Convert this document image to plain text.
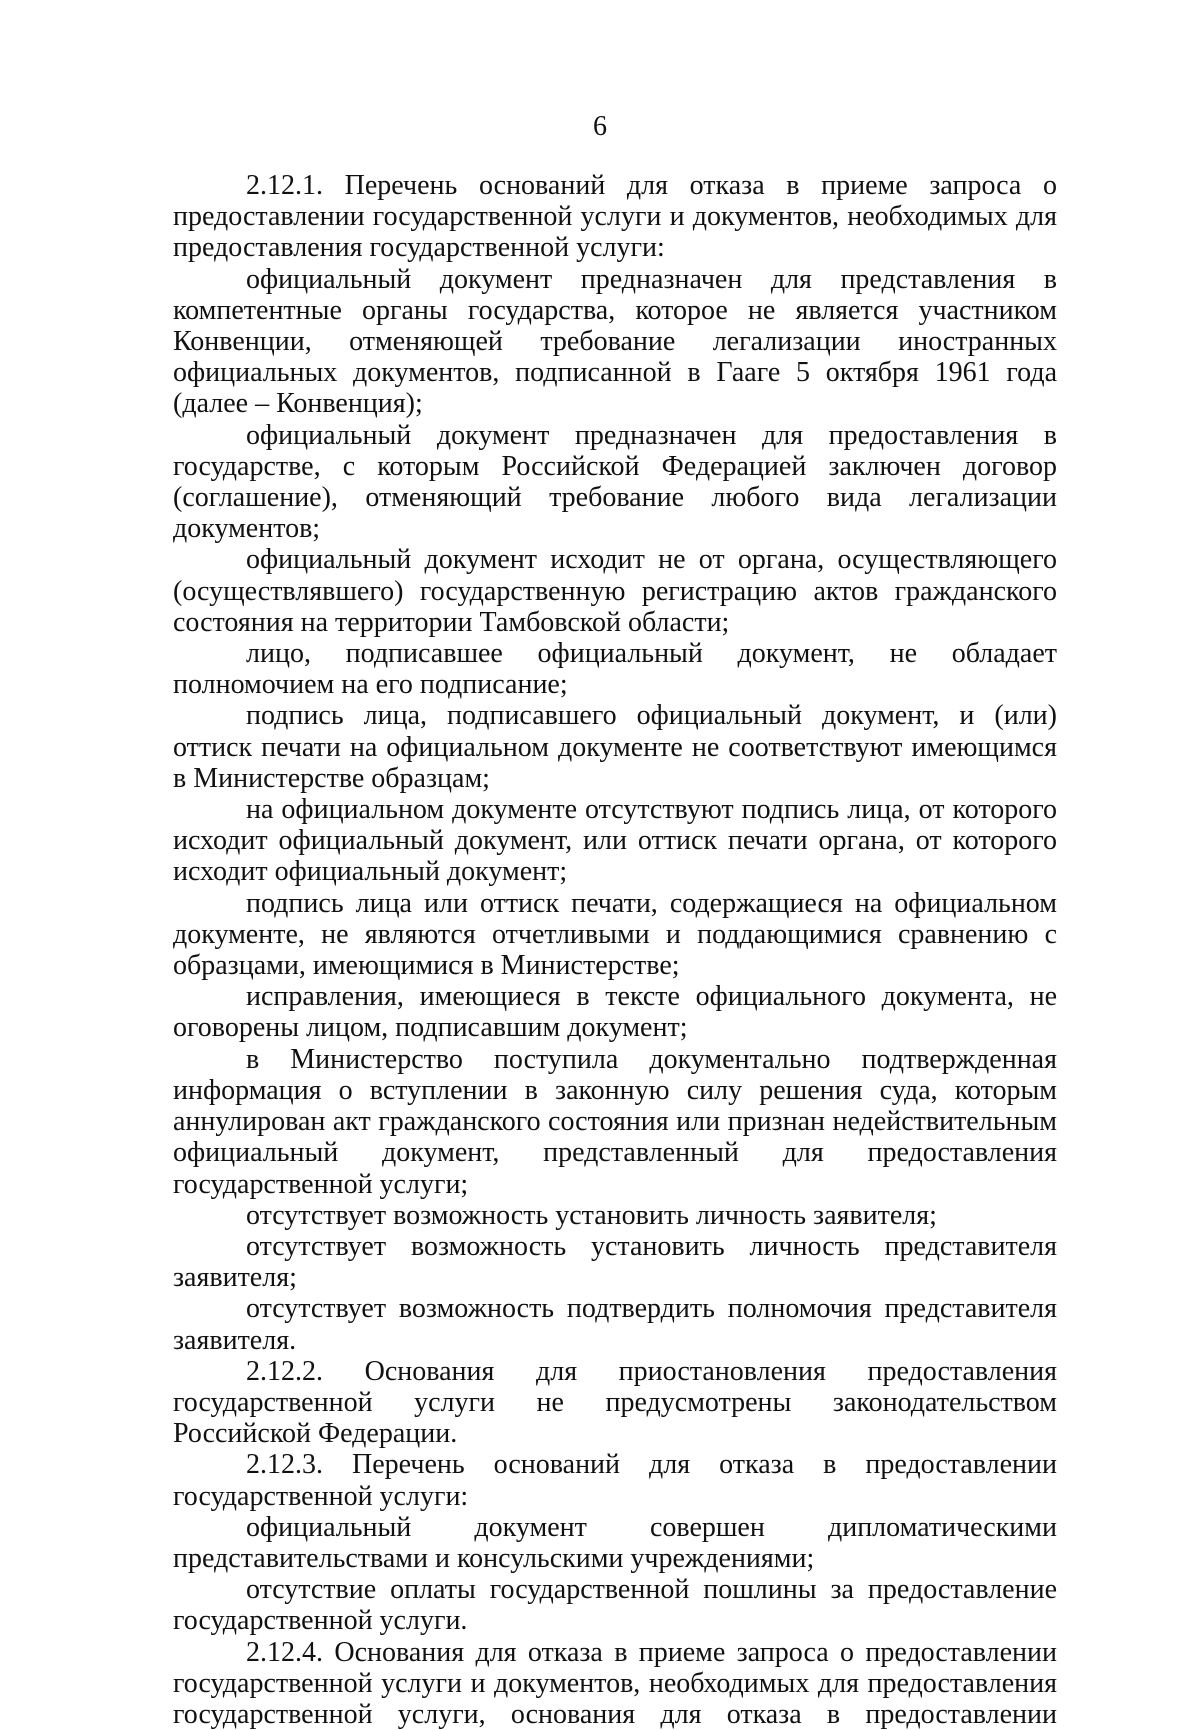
6

2.12.1. Перечень оснований для отказа в приеме запроса о предоставлении государственной услуги и документов, необходимых для предоставления государственной услуги:

официальный документ предназначен для представления в компетентные органы государства, которое не является участником Конвенции, отменяющей требование легализации иностранных официальных документов, подписанной в Гааге 5 октября 1961 года (далее – Конвенция);

официальный документ предназначен для предоставления в государстве, с которым Российской Федерацией заключен договор (соглашение), отменяющий требование любого вида легализации документов;

официальный документ исходит не от органа, осуществляющего (осуществлявшего) государственную регистрацию актов гражданского состояния на территории Тамбовской области;

лицо, подписавшее официальный документ, не обладает полномочием на его подписание;

подпись лица, подписавшего официальный документ, и (или) оттиск печати на официальном документе не соответствуют имеющимся в Министерстве образцам;

на официальном документе отсутствуют подпись лица, от которого исходит официальный документ, или оттиск печати органа, от которого исходит официальный документ;

подпись лица или оттиск печати, содержащиеся на официальном документе, не являются отчетливыми и поддающимися сравнению с образцами, имеющимися в Министерстве;

исправления, имеющиеся в тексте официального документа, не оговорены лицом, подписавшим документ;

в Министерство поступила документально подтвержденная информация о вступлении в законную силу решения суда, которым аннулирован акт гражданского состояния или признан недействительным официальный документ, представленный для предоставления государственной услуги;

отсутствует возможность установить личность заявителя;

отсутствует возможность установить личность представителя заявителя;

отсутствует возможность подтвердить полномочия представителя заявителя.

2.12.2. Основания для приостановления предоставления государственной услуги не предусмотрены законодательством Российской Федерации.

2.12.3. Перечень оснований для отказа в предоставлении государственной услуги:

официальный документ совершен дипломатическими представительствами и консульскими учреждениями;

отсутствие оплаты государственной пошлины за предоставление государственной услуги.

2.12.4. Основания для отказа в приеме запроса о предоставлении государственной услуги и документов, необходимых для предоставления государственной услуги, основания для отказа в предоставлении
